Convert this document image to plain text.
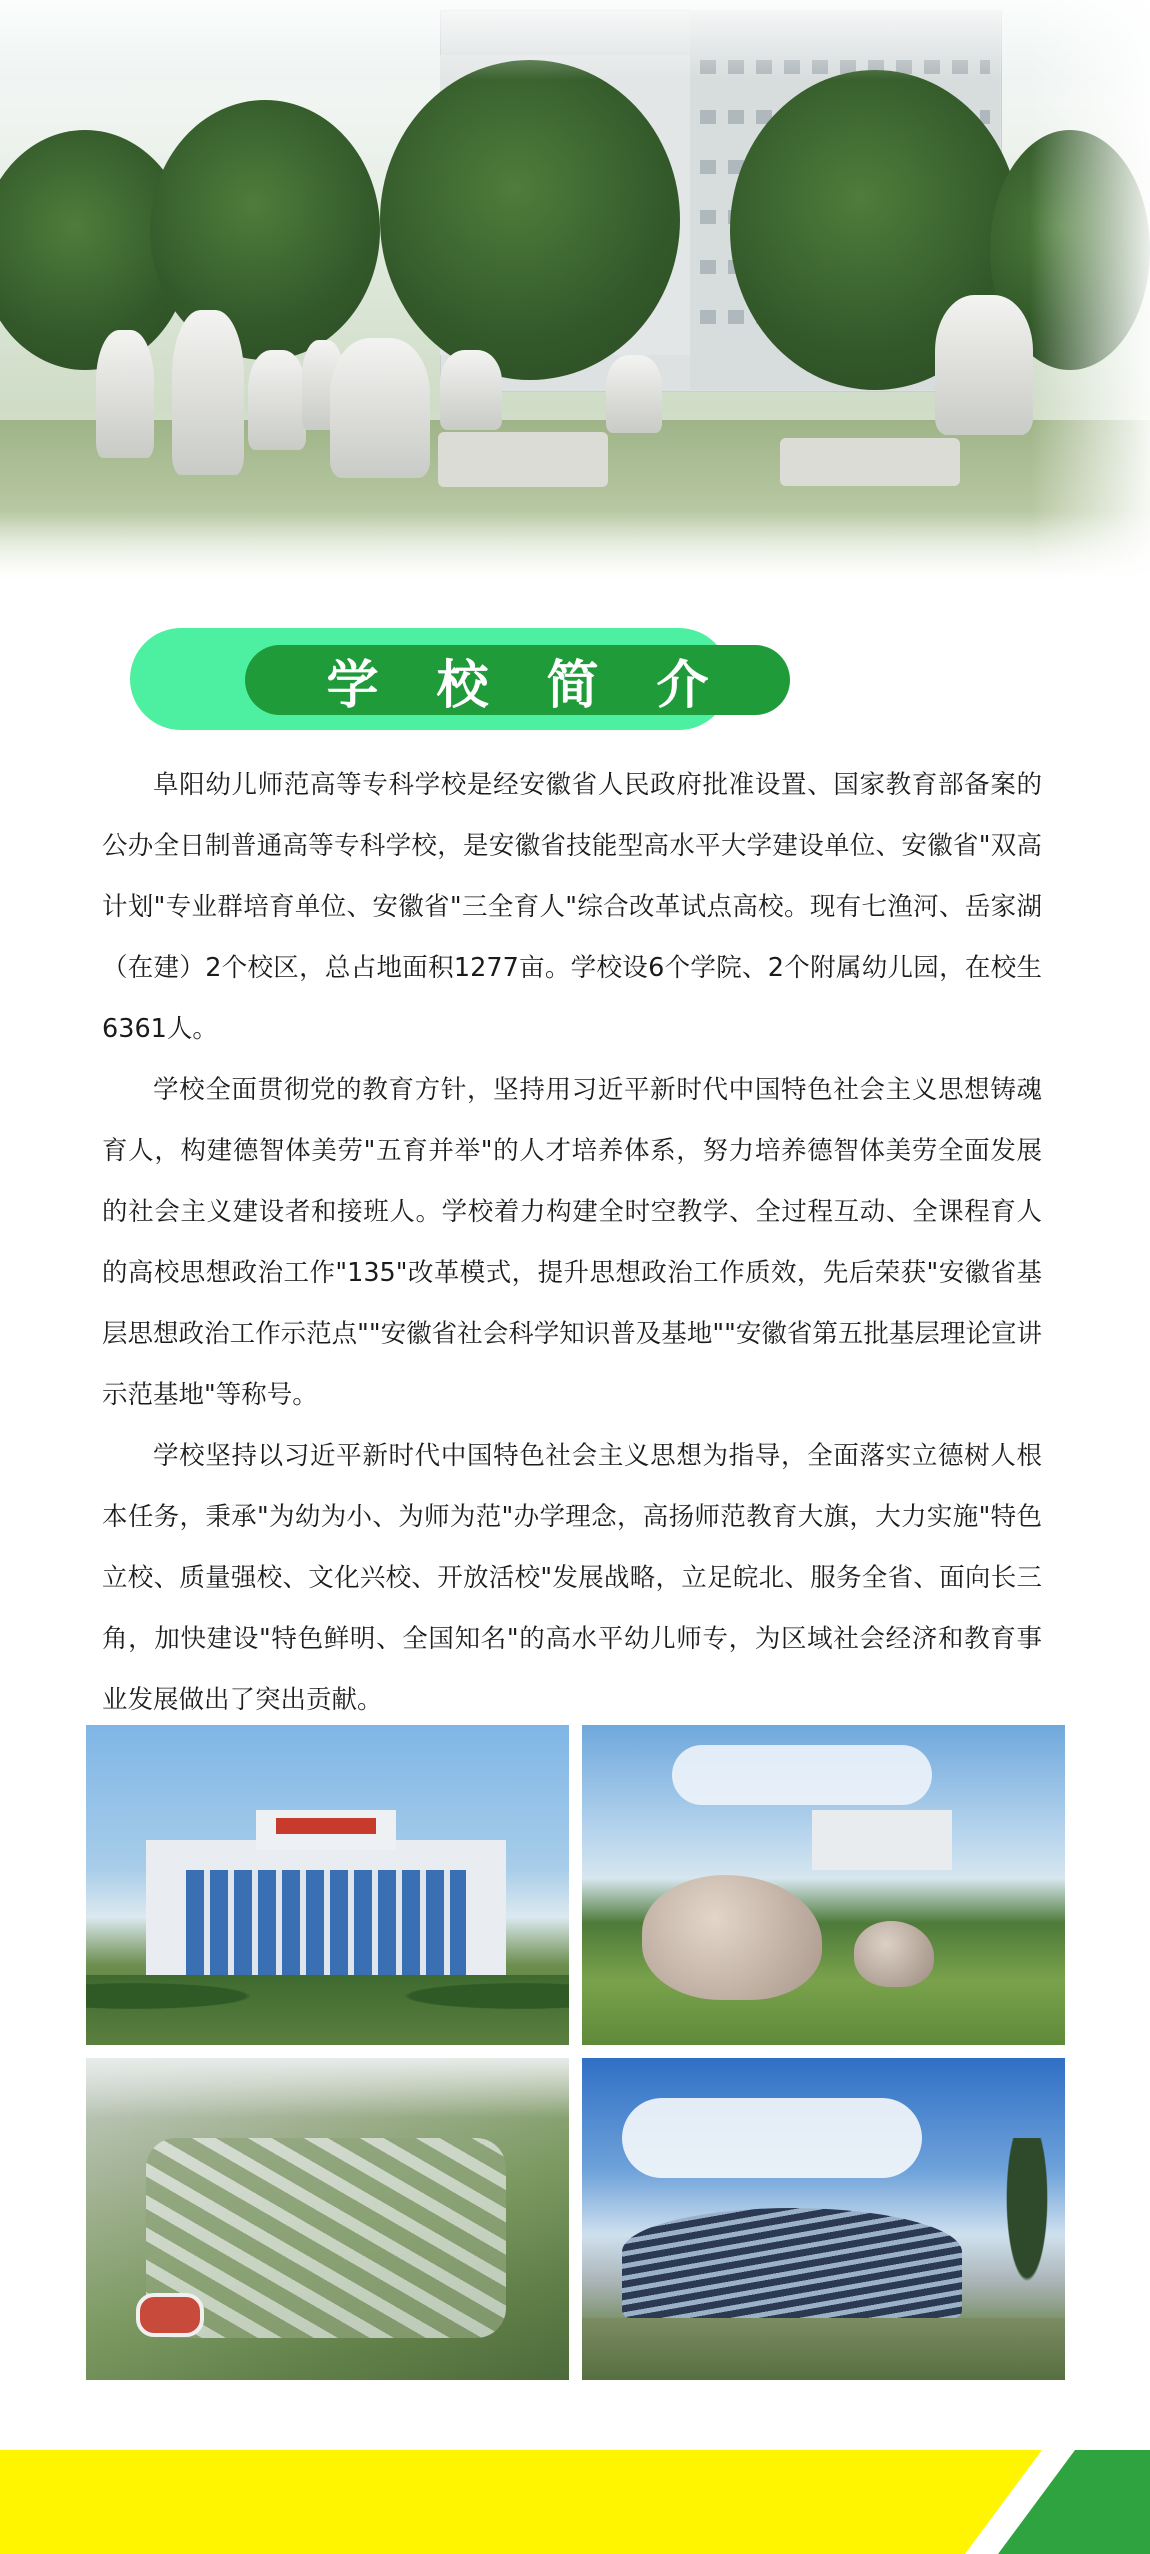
学校简介

阜阳幼儿师范高等专科学校是经安徽省人民政府批准设置、国家教育部备案的公办全日制普通高等专科学校，是安徽省技能型高水平大学建设单位、安徽省"双高计划"专业群培育单位、安徽省"三全育人"综合改革试点高校。现有七渔河、岳家湖（在建）2个校区，总占地面积1277亩。学校设6个学院、2个附属幼儿园，在校生6361人。

学校全面贯彻党的教育方针，坚持用习近平新时代中国特色社会主义思想铸魂育人，构建德智体美劳"五育并举"的人才培养体系，努力培养德智体美劳全面发展的社会主义建设者和接班人。学校着力构建全时空教学、全过程互动、全课程育人的高校思想政治工作"135"改革模式，提升思想政治工作质效，先后荣获"安徽省基层思想政治工作示范点""安徽省社会科学知识普及基地""安徽省第五批基层理论宣讲示范基地"等称号。

学校坚持以习近平新时代中国特色社会主义思想为指导，全面落实立德树人根本任务，秉承"为幼为小、为师为范"办学理念，高扬师范教育大旗，大力实施"特色立校、质量强校、文化兴校、开放活校"发展战略，立足皖北、服务全省、面向长三角，加快建设"特色鲜明、全国知名"的高水平幼儿师专，为区域社会经济和教育事业发展做出了突出贡献。
